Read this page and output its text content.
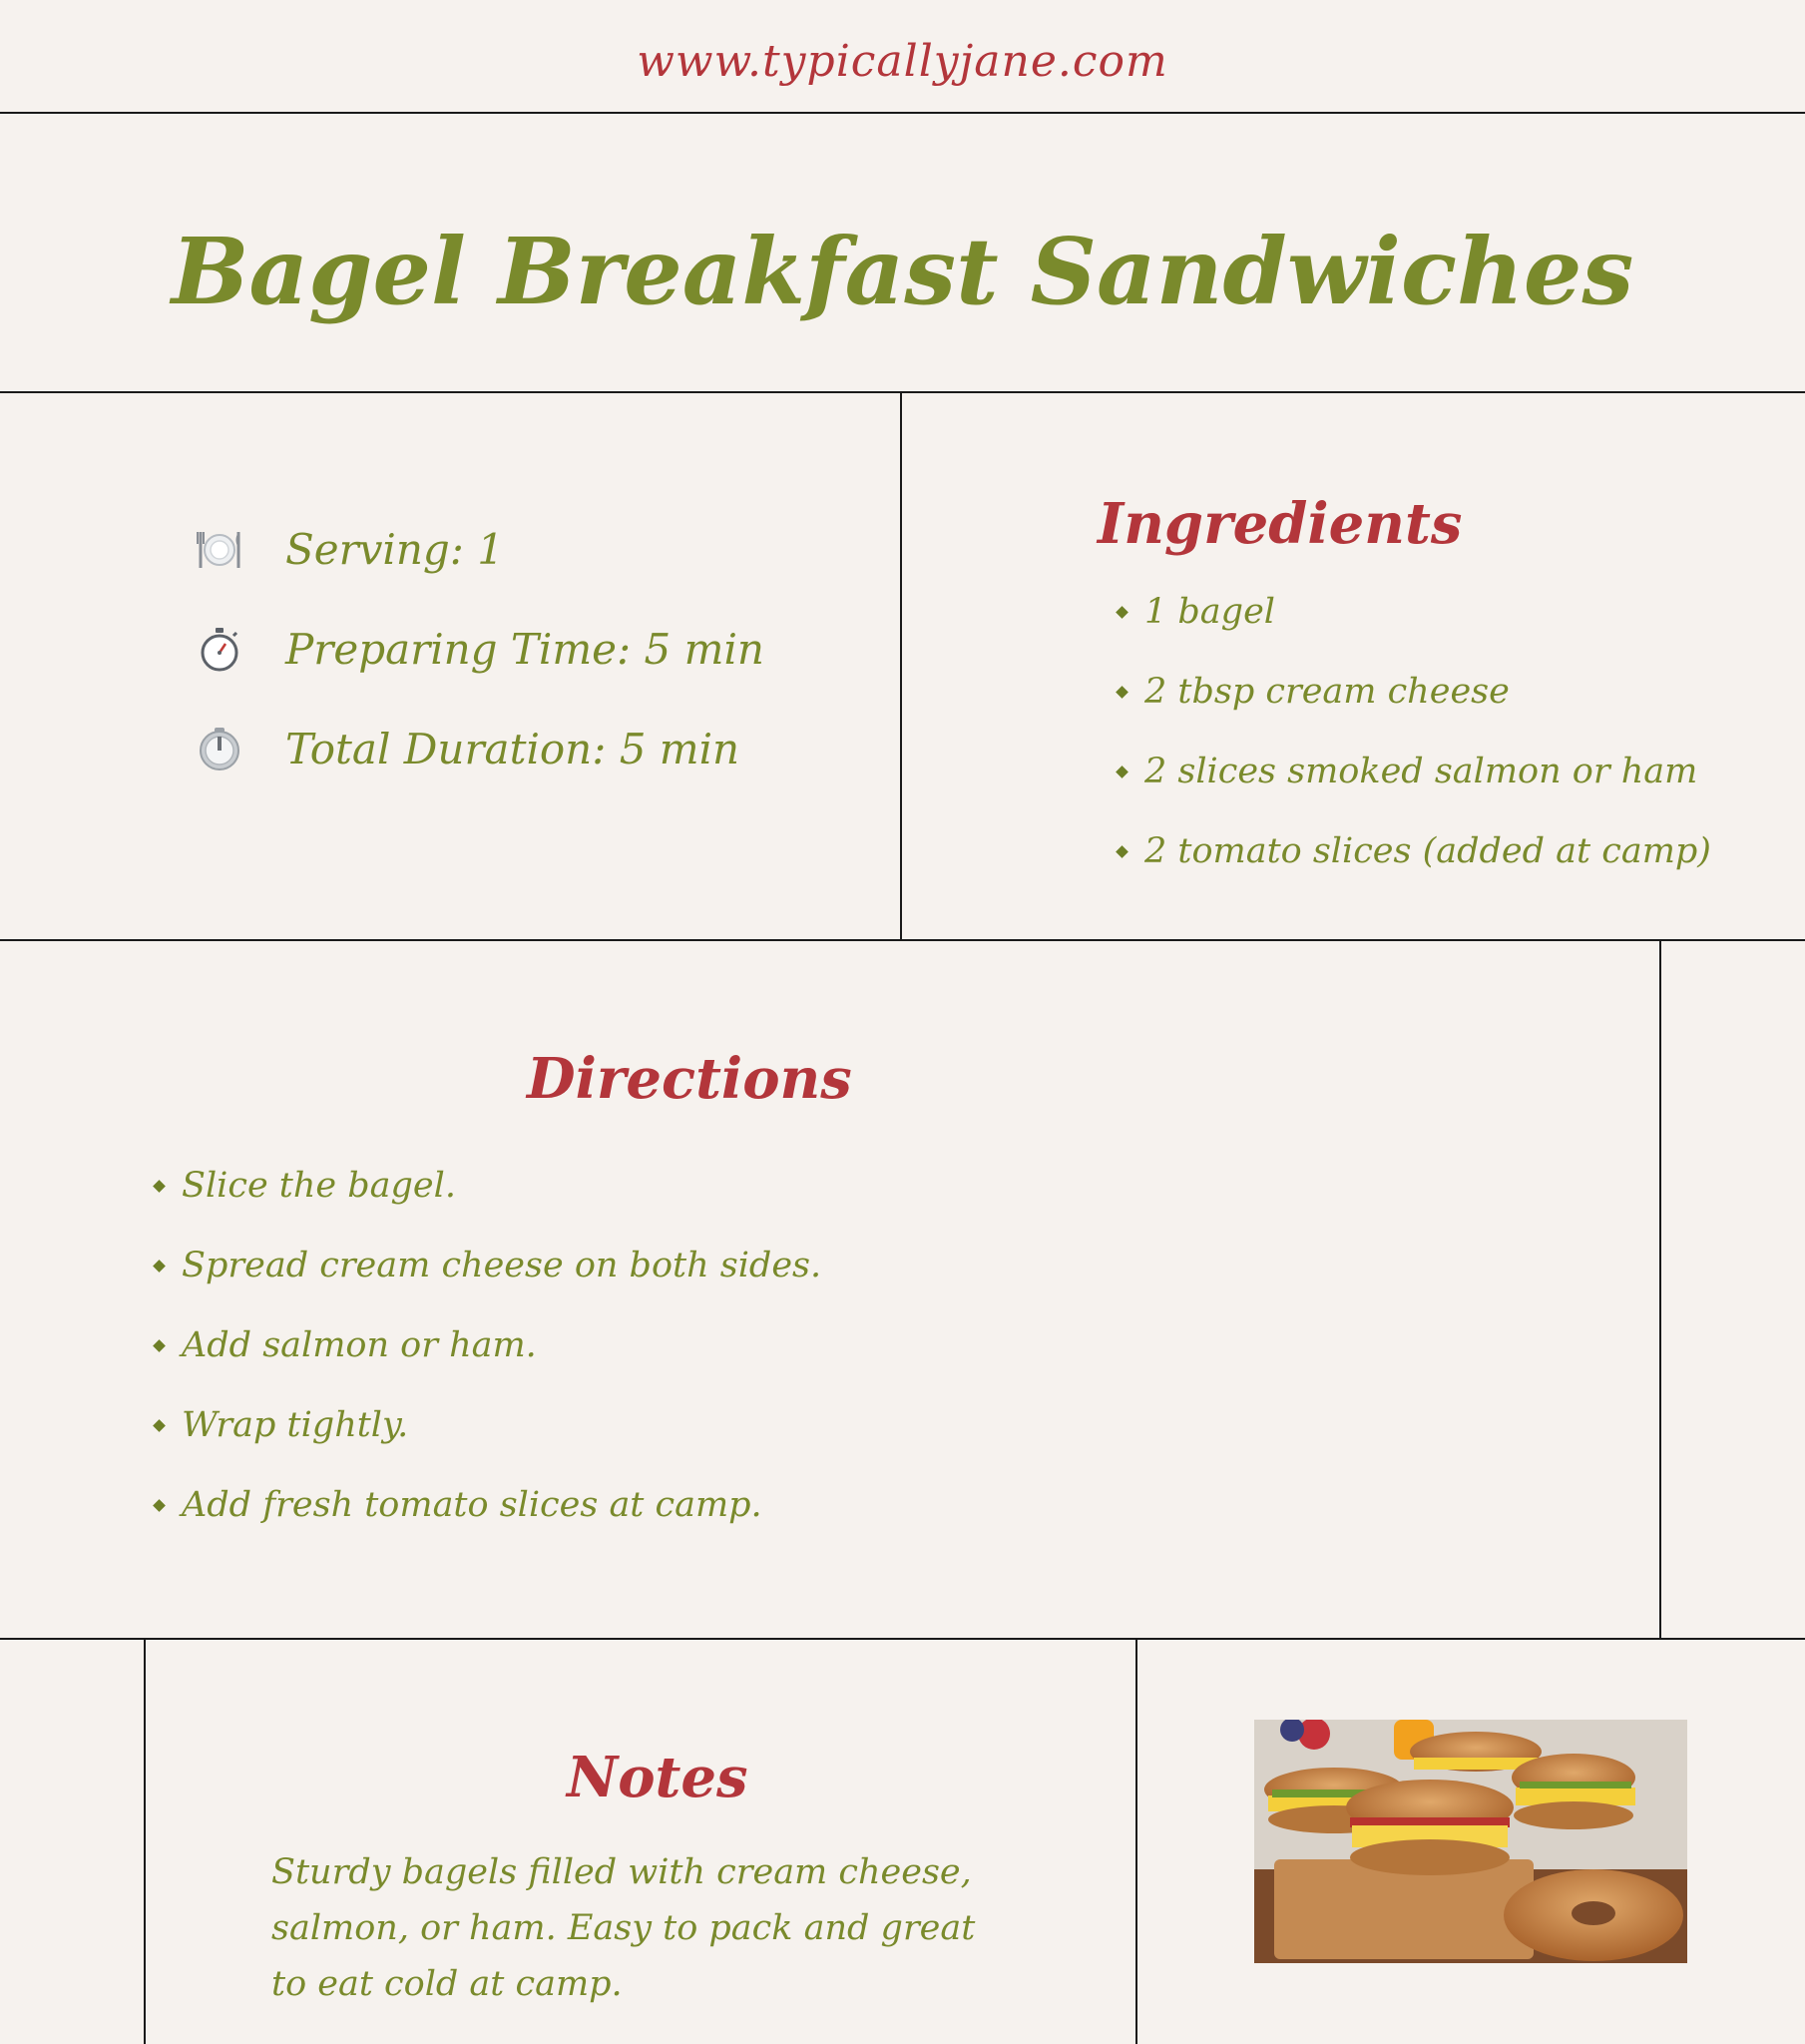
www.typicallyjane.com
Bagel Breakfast Sandwiches
Serving: 1
Preparing Time: 5 min
Total Duration: 5 min
Ingredients
1 bagel
2 tbsp cream cheese
2 slices smoked salmon or ham
2 tomato slices (added at camp)
Directions
Slice the bagel.
Spread cream cheese on both sides.
Add salmon or ham.
Wrap tightly.
Add fresh tomato slices at camp.
Notes
Sturdy bagels filled with cream cheese, salmon, or ham. Easy to pack and great to eat cold at camp.
